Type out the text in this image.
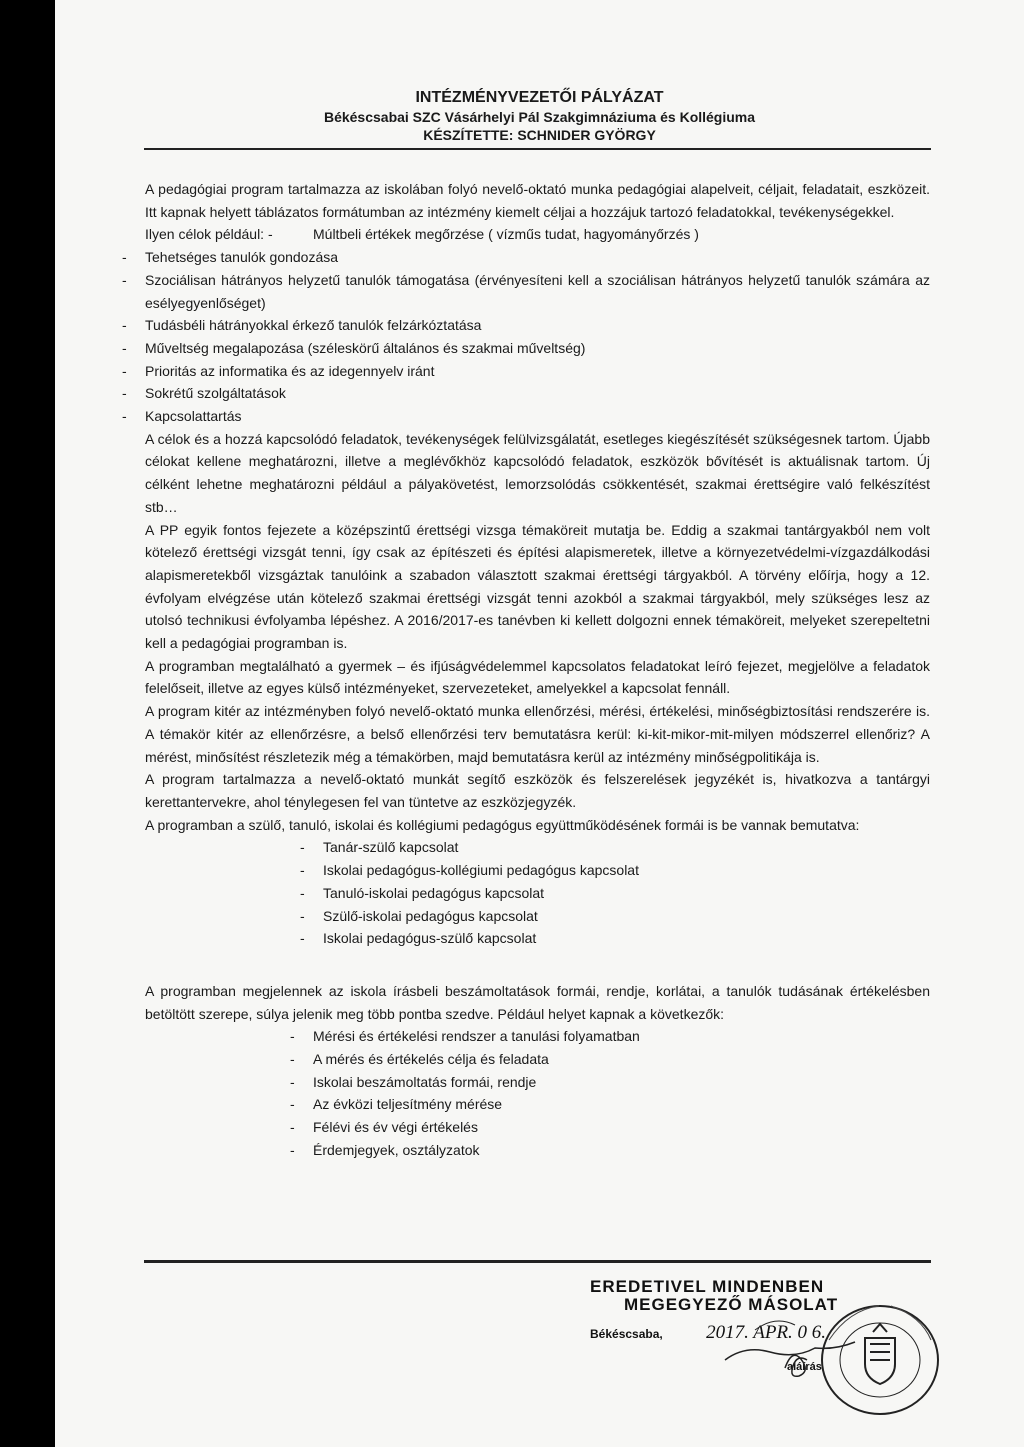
INTÉZMÉNYVEZETŐI PÁLYÁZAT
Békéscsabai SZC Vásárhelyi Pál Szakgimnáziuma és Kollégiuma
KÉSZÍTETTE: SCHNIDER GYÖRGY

A pedagógiai program tartalmazza az iskolában folyó nevelő-oktató munka pedagógiai alapelveit, céljait, feladatait, eszközeit. Itt kapnak helyett táblázatos formátumban az intézmény kiemelt céljai a hozzájuk tartozó feladatokkal, tevékenységekkel.

Ilyen célok például: -	Múltbeli értékek megőrzése ( vízműs tudat, hagyományőrzés )
- Tehetséges tanulók gondozása
- Szociálisan hátrányos helyzetű tanulók támogatása (érvényesíteni kell a szociálisan hátrányos helyzetű tanulók számára az esélyegyenlőséget)
- Tudásbéli hátrányokkal érkező tanulók felzárkóztatása
- Műveltség megalapozása (széleskörű általános és szakmai műveltség)
- Prioritás az informatika és az idegennyelv iránt
- Sokrétű szolgáltatások
- Kapcsolattartás

A célok és a hozzá kapcsolódó feladatok, tevékenységek felülvizsgálatát, esetleges kiegészítését szükségesnek tartom. Újabb célokat kellene meghatározni, illetve a meglévőkhöz kapcsolódó feladatok, eszközök bővítését is aktuálisnak tartom. Új célként lehetne meghatározni például a pályakövetést, lemorzsolódás csökkentését, szakmai érettségire való felkészítést stb…

A PP egyik fontos fejezete a középszintű érettségi vizsga témaköreit mutatja be. Eddig a szakmai tantárgyakból nem volt kötelező érettségi vizsgát tenni, így csak az építészeti és építési alapismeretek, illetve a környezetvédelmi-vízgazdálkodási alapismeretekből vizsgáztak tanulóink a szabadon választott szakmai érettségi tárgyakból. A törvény előírja, hogy a 12. évfolyam elvégzése után kötelező szakmai érettségi vizsgát tenni azokból a szakmai tárgyakból, mely szükséges lesz az utolsó technikusi évfolyamba lépéshez. A 2016/2017-es tanévben ki kellett dolgozni ennek témaköreit, melyeket szerepeltetni kell a pedagógiai programban is.

A programban megtalálható a gyermek – és ifjúságvédelemmel kapcsolatos feladatokat leíró fejezet, megjelölve a feladatok felelőseit, illetve az egyes külső intézményeket, szervezeteket, amelyekkel a kapcsolat fennáll.

A program kitér az intézményben folyó nevelő-oktató munka ellenőrzési, mérési, értékelési, minőségbiztosítási rendszerére is. A témakör kitér az ellenőrzésre, a belső ellenőrzési terv bemutatásra kerül: ki-kit-mikor-mit-milyen módszerrel ellenőriz? A mérést, minősítést részletezik még a témakörben, majd bemutatásra kerül az intézmény minőségpolitikája is.

A program tartalmazza a nevelő-oktató munkát segítő eszközök és felszerelések jegyzékét is, hivatkozva a tantárgyi kerettantervekre, ahol ténylegesen fel van tüntetve az eszközjegyzék.

A programban a szülő, tanuló, iskolai és kollégiumi pedagógus együttműködésének formái is be vannak bemutatva:

- Tanár-szülő kapcsolat
- Iskolai pedagógus-kollégiumi pedagógus kapcsolat
- Tanuló-iskolai pedagógus kapcsolat
- Szülő-iskolai pedagógus kapcsolat
- Iskolai pedagógus-szülő kapcsolat

A programban megjelennek az iskola írásbeli beszámoltatások formái, rendje, korlátai, a tanulók tudásának értékelésben betöltött szerepe, súlya jelenik meg több pontba szedve. Például helyet kapnak a következők:

- Mérési és értékelési rendszer a tanulási folyamatban
- A mérés és értékelés célja és feladata
- Iskolai beszámoltatás formái, rendje
- Az évközi teljesítmény mérése
- Félévi és év végi értékelés
- Érdemjegyek, osztályzatok
EREDETIVEL MINDENBEN
MEGEGYEZŐ MÁSOLAT
Békéscsaba, 2017. APR. 0 6.
aláírás
